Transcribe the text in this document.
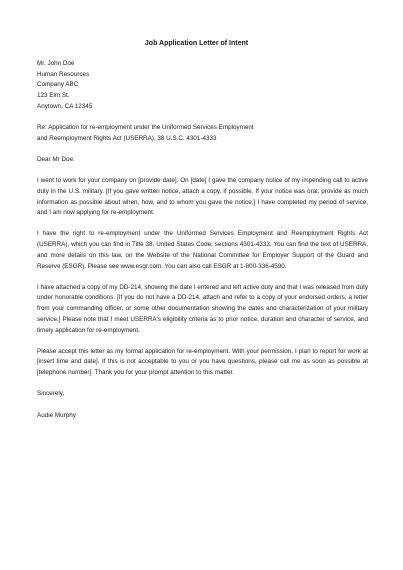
Job Application Letter of Intent
Mr. John Doe
Human Resources
Company ABC
123 Elm St.
Anytown, CA 12345
Re: Application for re-employment under the Uniformed Services Employment
and Reemployment Rights Act (USERRA), 38 U.S.C. 4301-4333
Dear Mr Doe:

I went to work for your company on [provide date]. On [date] I gave the company notice of my impending call to active duty in the U.S. military. [If you gave written notice, attach a copy, if possible. If your notice was oral, provide as much information as possible about when, how, and to whom you gave the notice.] I have completed my period of service, and I am now applying for re-employment.

I have the right to re-employment under the Uniformed Services Employment and Reemployment Rights Act (USERRA), which you can find in Title 38, United States Code, sections 4301-4333. You can find the text of USERRA, and more details on this law, on the Website of the National Committee for Employer Support of the Guard and Reserve (ESGR). Please see www.esgr.com. You can also call ESGR at 1-800-336-4590.

I have attached a copy of my DD-214, showing the date I entered and left active duty and that I was released from duty under honorable conditions. [If you do not have a DD-214, attach and refer to a copy of your endorsed orders, a letter from your commanding officer, or some other documentation showing the dates and characterization of your military service.] Please note that I meet USERRA's eligibility criteria as to prior notice, duration and character of service, and timely application for re-employment.

Please accept this letter as my formal application for re-employment. With your permission, I plan to report for work at [insert time and date]. If this is not acceptable to you or you have questions, please call me as soon as possible at [telephone number]. Thank you for your prompt attention to this matter.

Sincerely,
Audie Murphy
